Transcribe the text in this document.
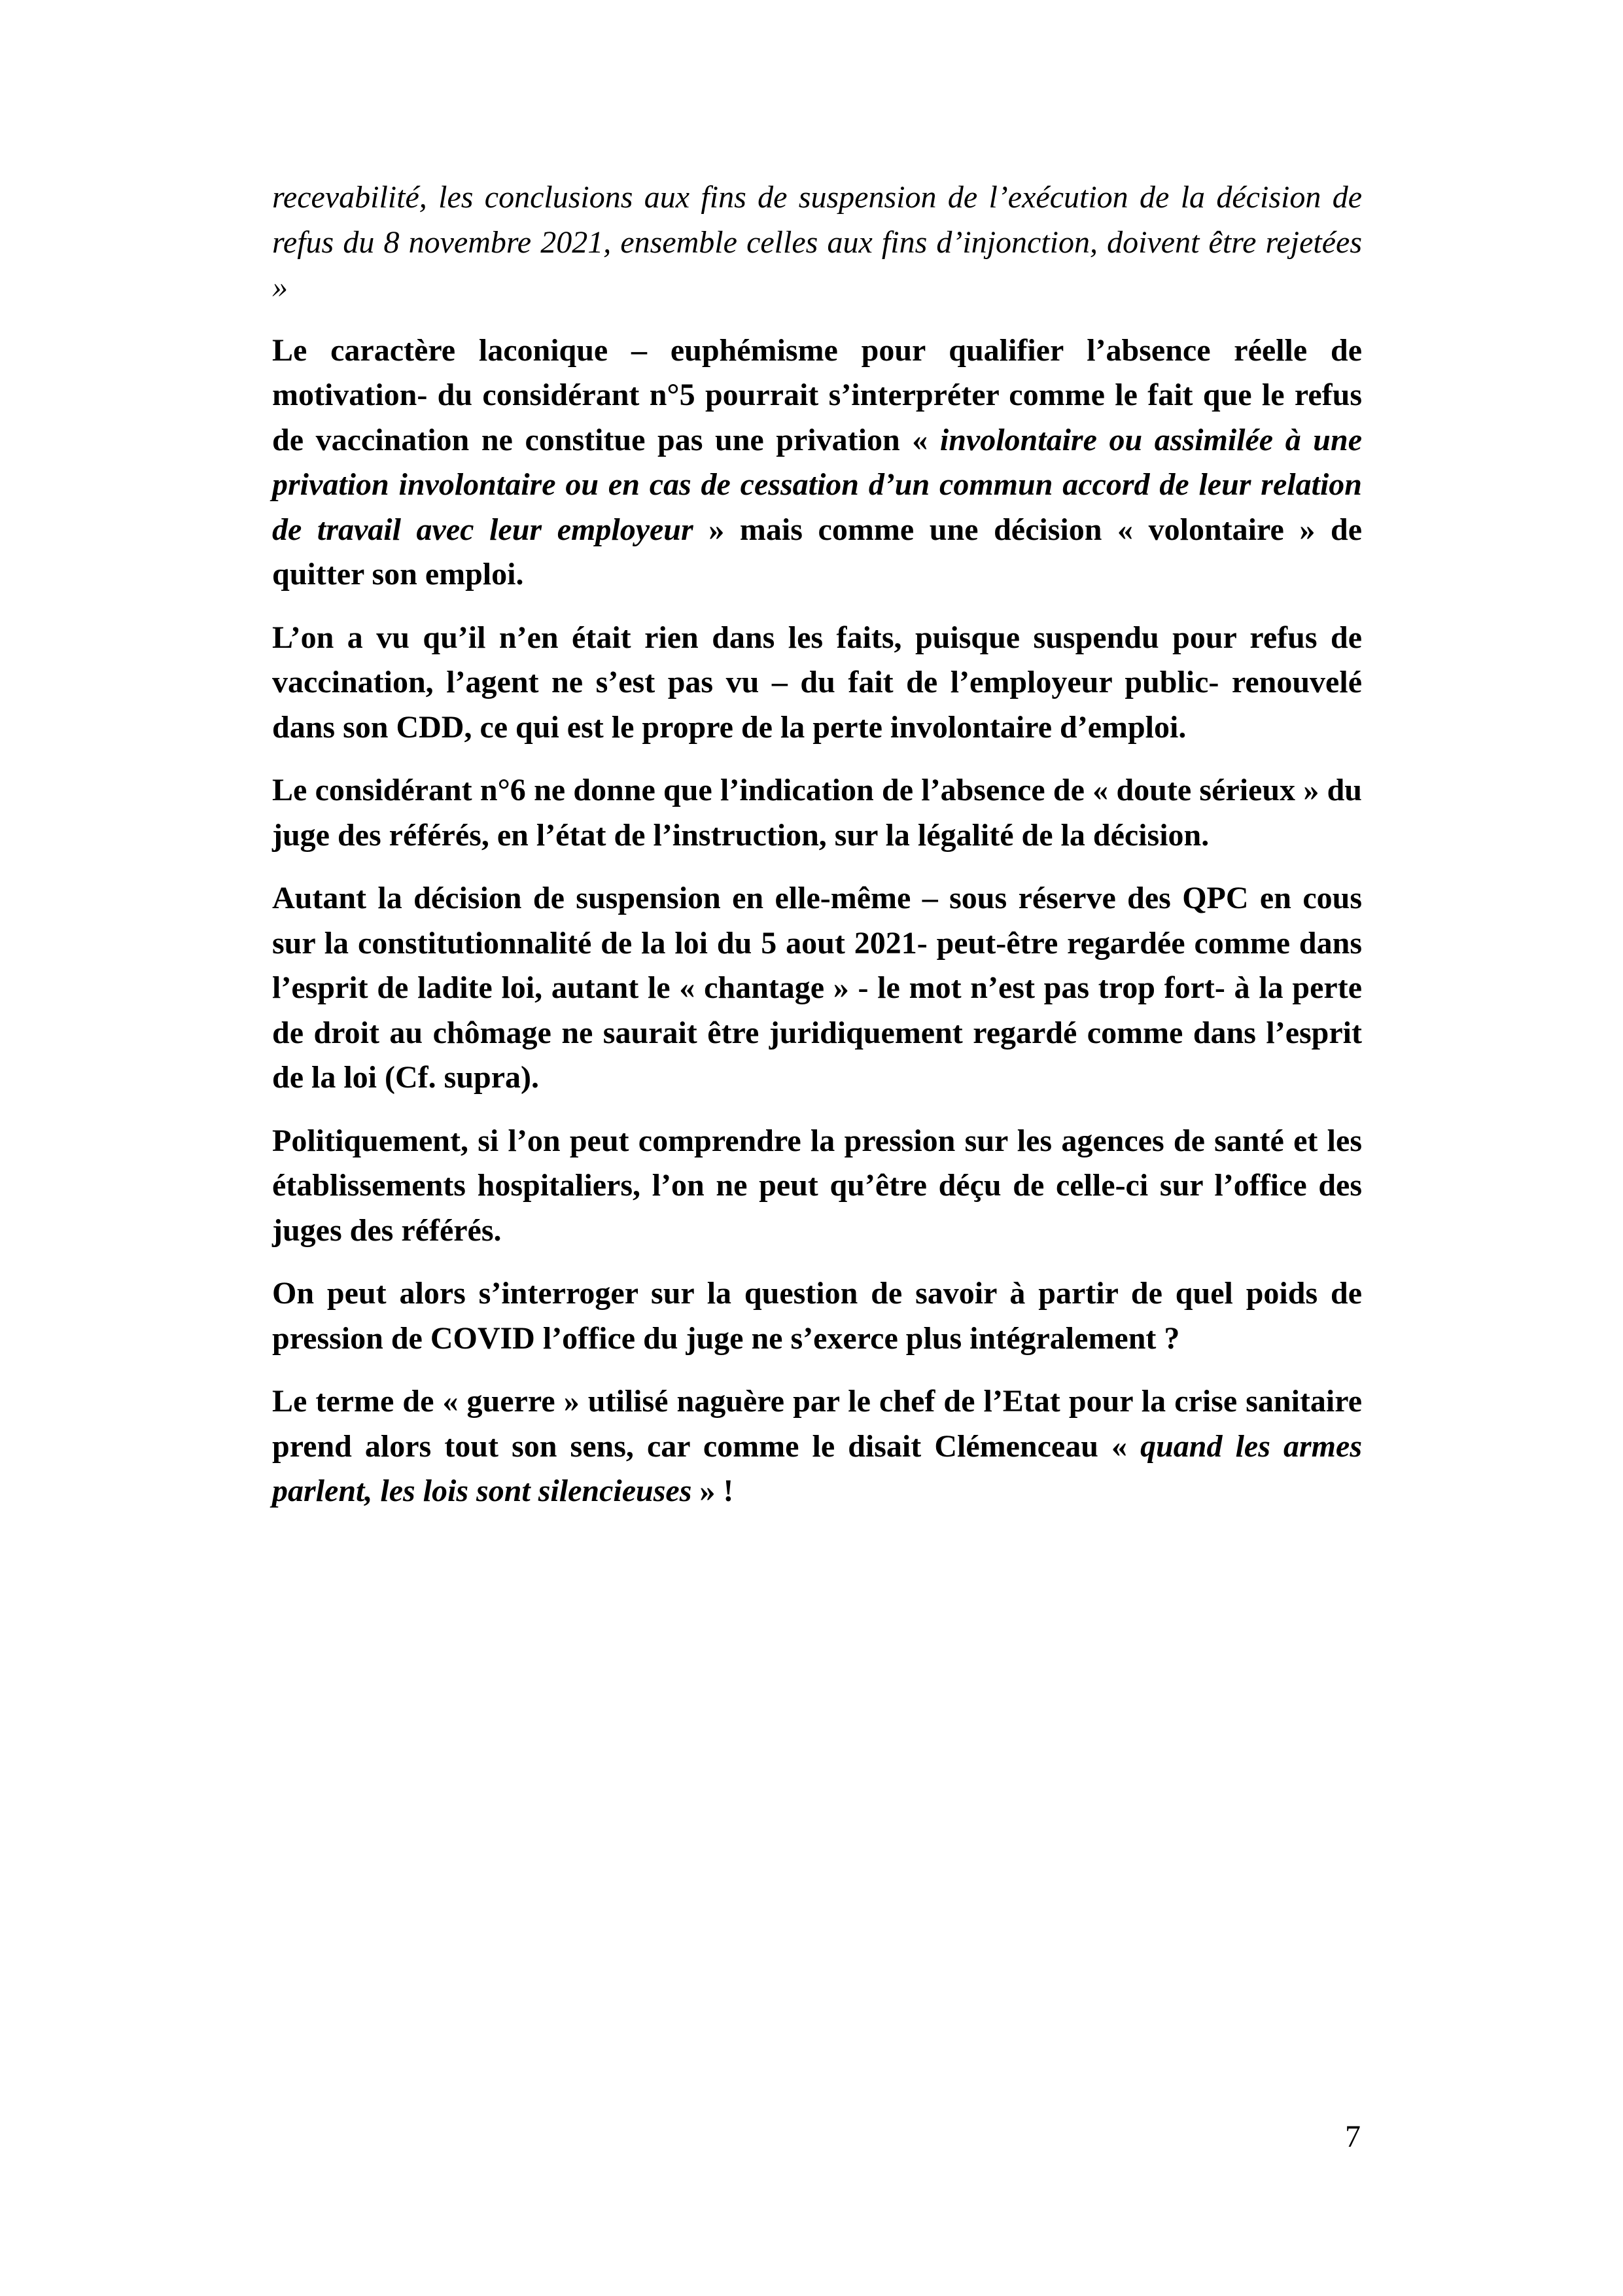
recevabilité, les conclusions aux fins de suspension de l’exécution de la décision de refus du 8 novembre 2021, ensemble celles aux fins d’injonction, doivent être rejetées »

Le caractère laconique – euphémisme pour qualifier l’absence réelle de motivation- du considérant n°5 pourrait s’interpréter comme le fait que le refus de vaccination ne constitue pas une privation « involontaire ou assimilée à une privation involontaire ou en cas de cessation d’un commun accord de leur relation de travail avec leur employeur » mais comme une décision « volontaire » de quitter son emploi.

L’on a vu qu’il n’en était rien dans les faits, puisque suspendu pour refus de vaccination, l’agent ne s’est pas vu – du fait de l’employeur public- renouvelé dans son CDD, ce qui est le propre de la perte involontaire d’emploi.

Le considérant n°6 ne donne que l’indication de l’absence de « doute sérieux » du juge des référés, en l’état de l’instruction, sur la légalité de la décision.

Autant la décision de suspension en elle-même – sous réserve des QPC en cous sur la constitutionnalité de la loi du 5 aout 2021- peut-être regardée comme dans l’esprit de ladite loi, autant le « chantage » - le mot n’est pas trop fort- à la perte de droit au chômage ne saurait être juridiquement regardé comme dans l’esprit de la loi (Cf. supra).

Politiquement, si l’on peut comprendre la pression sur les agences de santé et les établissements hospitaliers, l’on ne peut qu’être déçu de celle-ci sur l’office des juges des référés.

On peut alors s’interroger sur la question de savoir à partir de quel poids de pression de COVID l’office du juge ne s’exerce plus intégralement ?

Le terme de « guerre » utilisé naguère par le chef de l’Etat pour la crise sanitaire prend alors tout son sens, car comme le disait Clémenceau « quand les armes parlent, les lois sont silencieuses » !

7
